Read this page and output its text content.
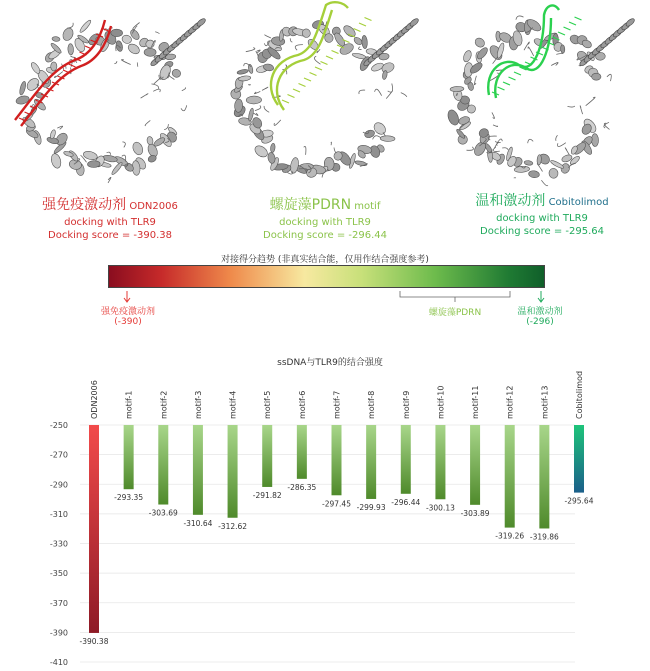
强免疫激动剂 ODN2006
docking with TLR9
Docking score = -390.38
螺旋藻PDRN motif
docking with TLR9
Docking score = -296.44
温和激动剂 Cobitolimod
docking with TLR9
Docking score = -295.64
对接得分趋势 (非真实结合能，仅用作结合强度参考)
强免疫激动剂
(-390)
螺旋藻PDRN	温和激动剂
(-296)
ssDNA与TLR9的结合强度
-250
-270
-290
-310
-330
-350
-370
-390
-410
ODN2006
-390.38
motif-1
-293.35
motif-2
-303.69
motif-3
-310.64
motif-4
-312.62
motif-5
-291.82
motif-6
-286.35
motif-7
-297.45
motif-8
-299.93
motif-9
-296.44
motif-10
-300.13
motif-11
-303.89
motif-12
-319.26
motif-13
-319.86
Cobitolimod
-295.64
